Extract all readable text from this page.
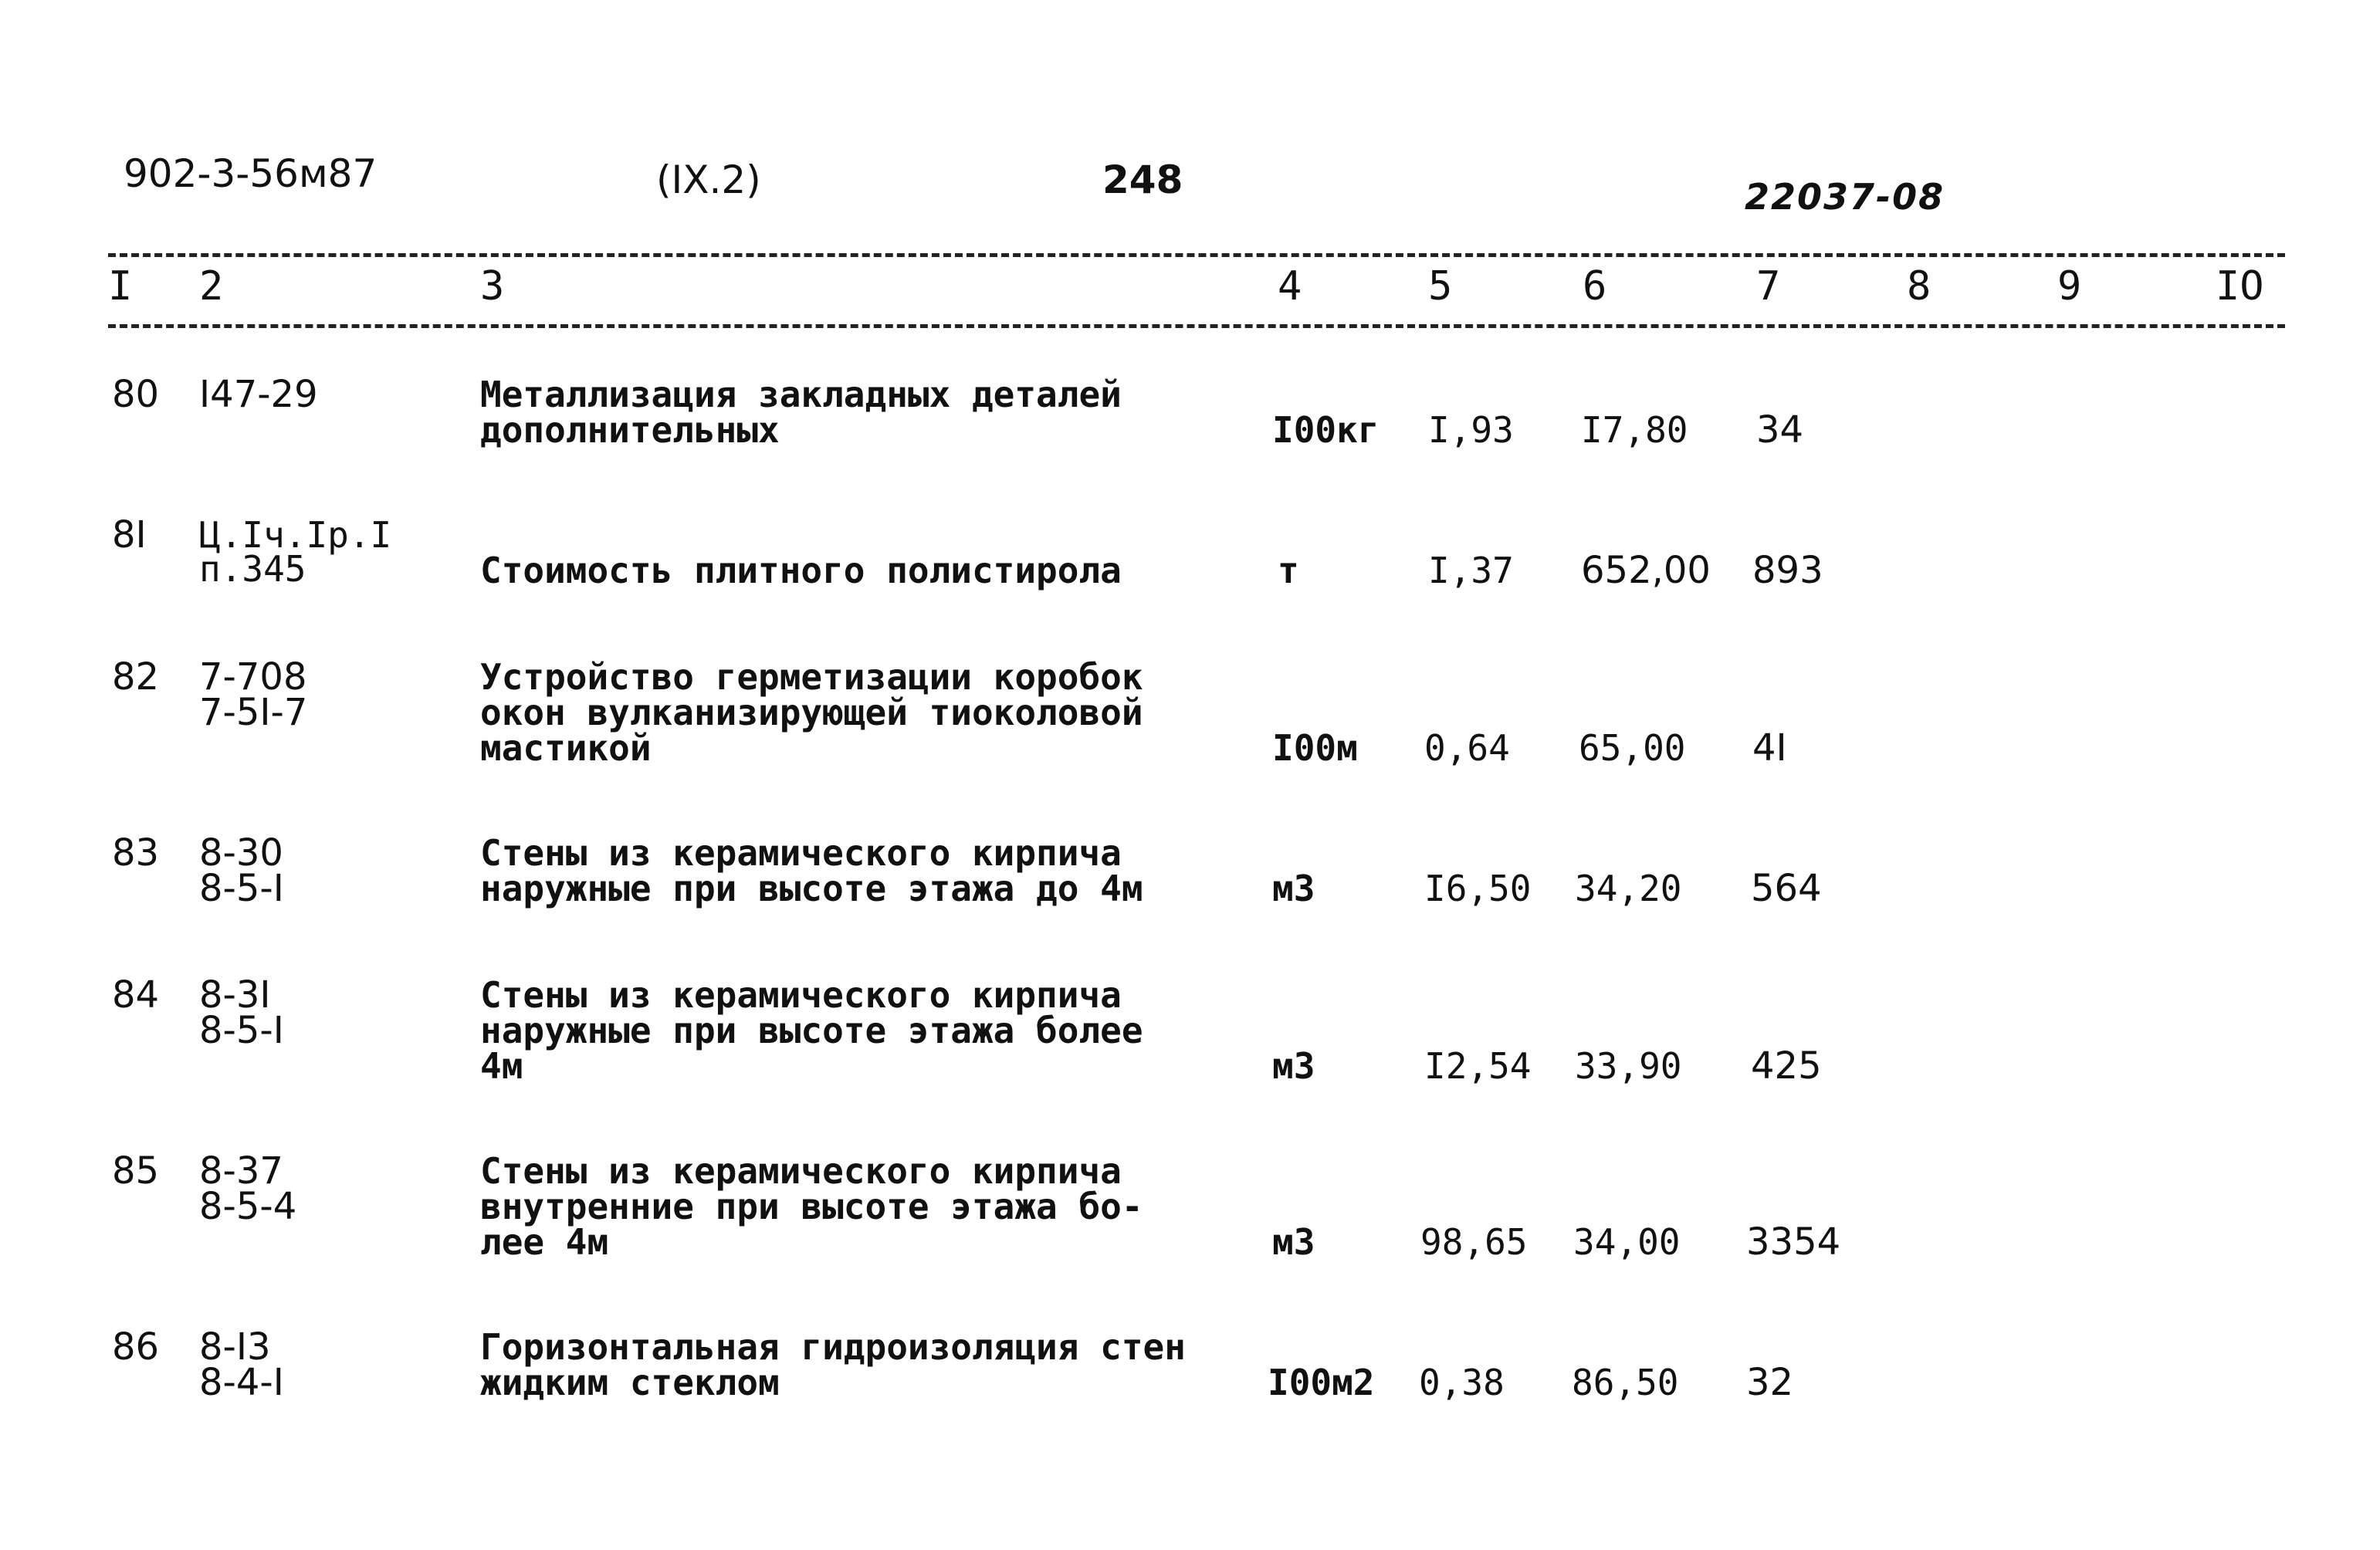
902-3-56м87	(IX.2)	248	22037-08
I 2	3	4	5	6	7	8	9	IO
80 I47-29	Металлизация закладных деталей
дополнительных	I00кг I,93 I7,80 34
8I Ц.Iч.Iр.I
п.345	Стоимость плитного полистирола	т	I,37 652,00 893
82 7-708
7-5I-7
Устройство герметизации коробок
окон вулканизирующей тиоколовой
мастикой	I00м 0,64 65,00 4I
83 8-30
8-5-I
Стены из керамического кирпича
наружные при высоте этажа до 4м	м3	I6,50 34,20 564
84 8-3I
8-5-I
Стены из керамического кирпича
наружные при высоте этажа более
4м	м3	I2,54 33,90 425
85 8-37
8-5-4
Стены из керамического кирпича
внутренние при высоте этажа бо-
лее 4м	м3	98,65 34,00 3354
86 8-I3
8-4-I
Горизонтальная гидроизоляция стен
жидким стеклом	I00м2 0,38 86,50 32
